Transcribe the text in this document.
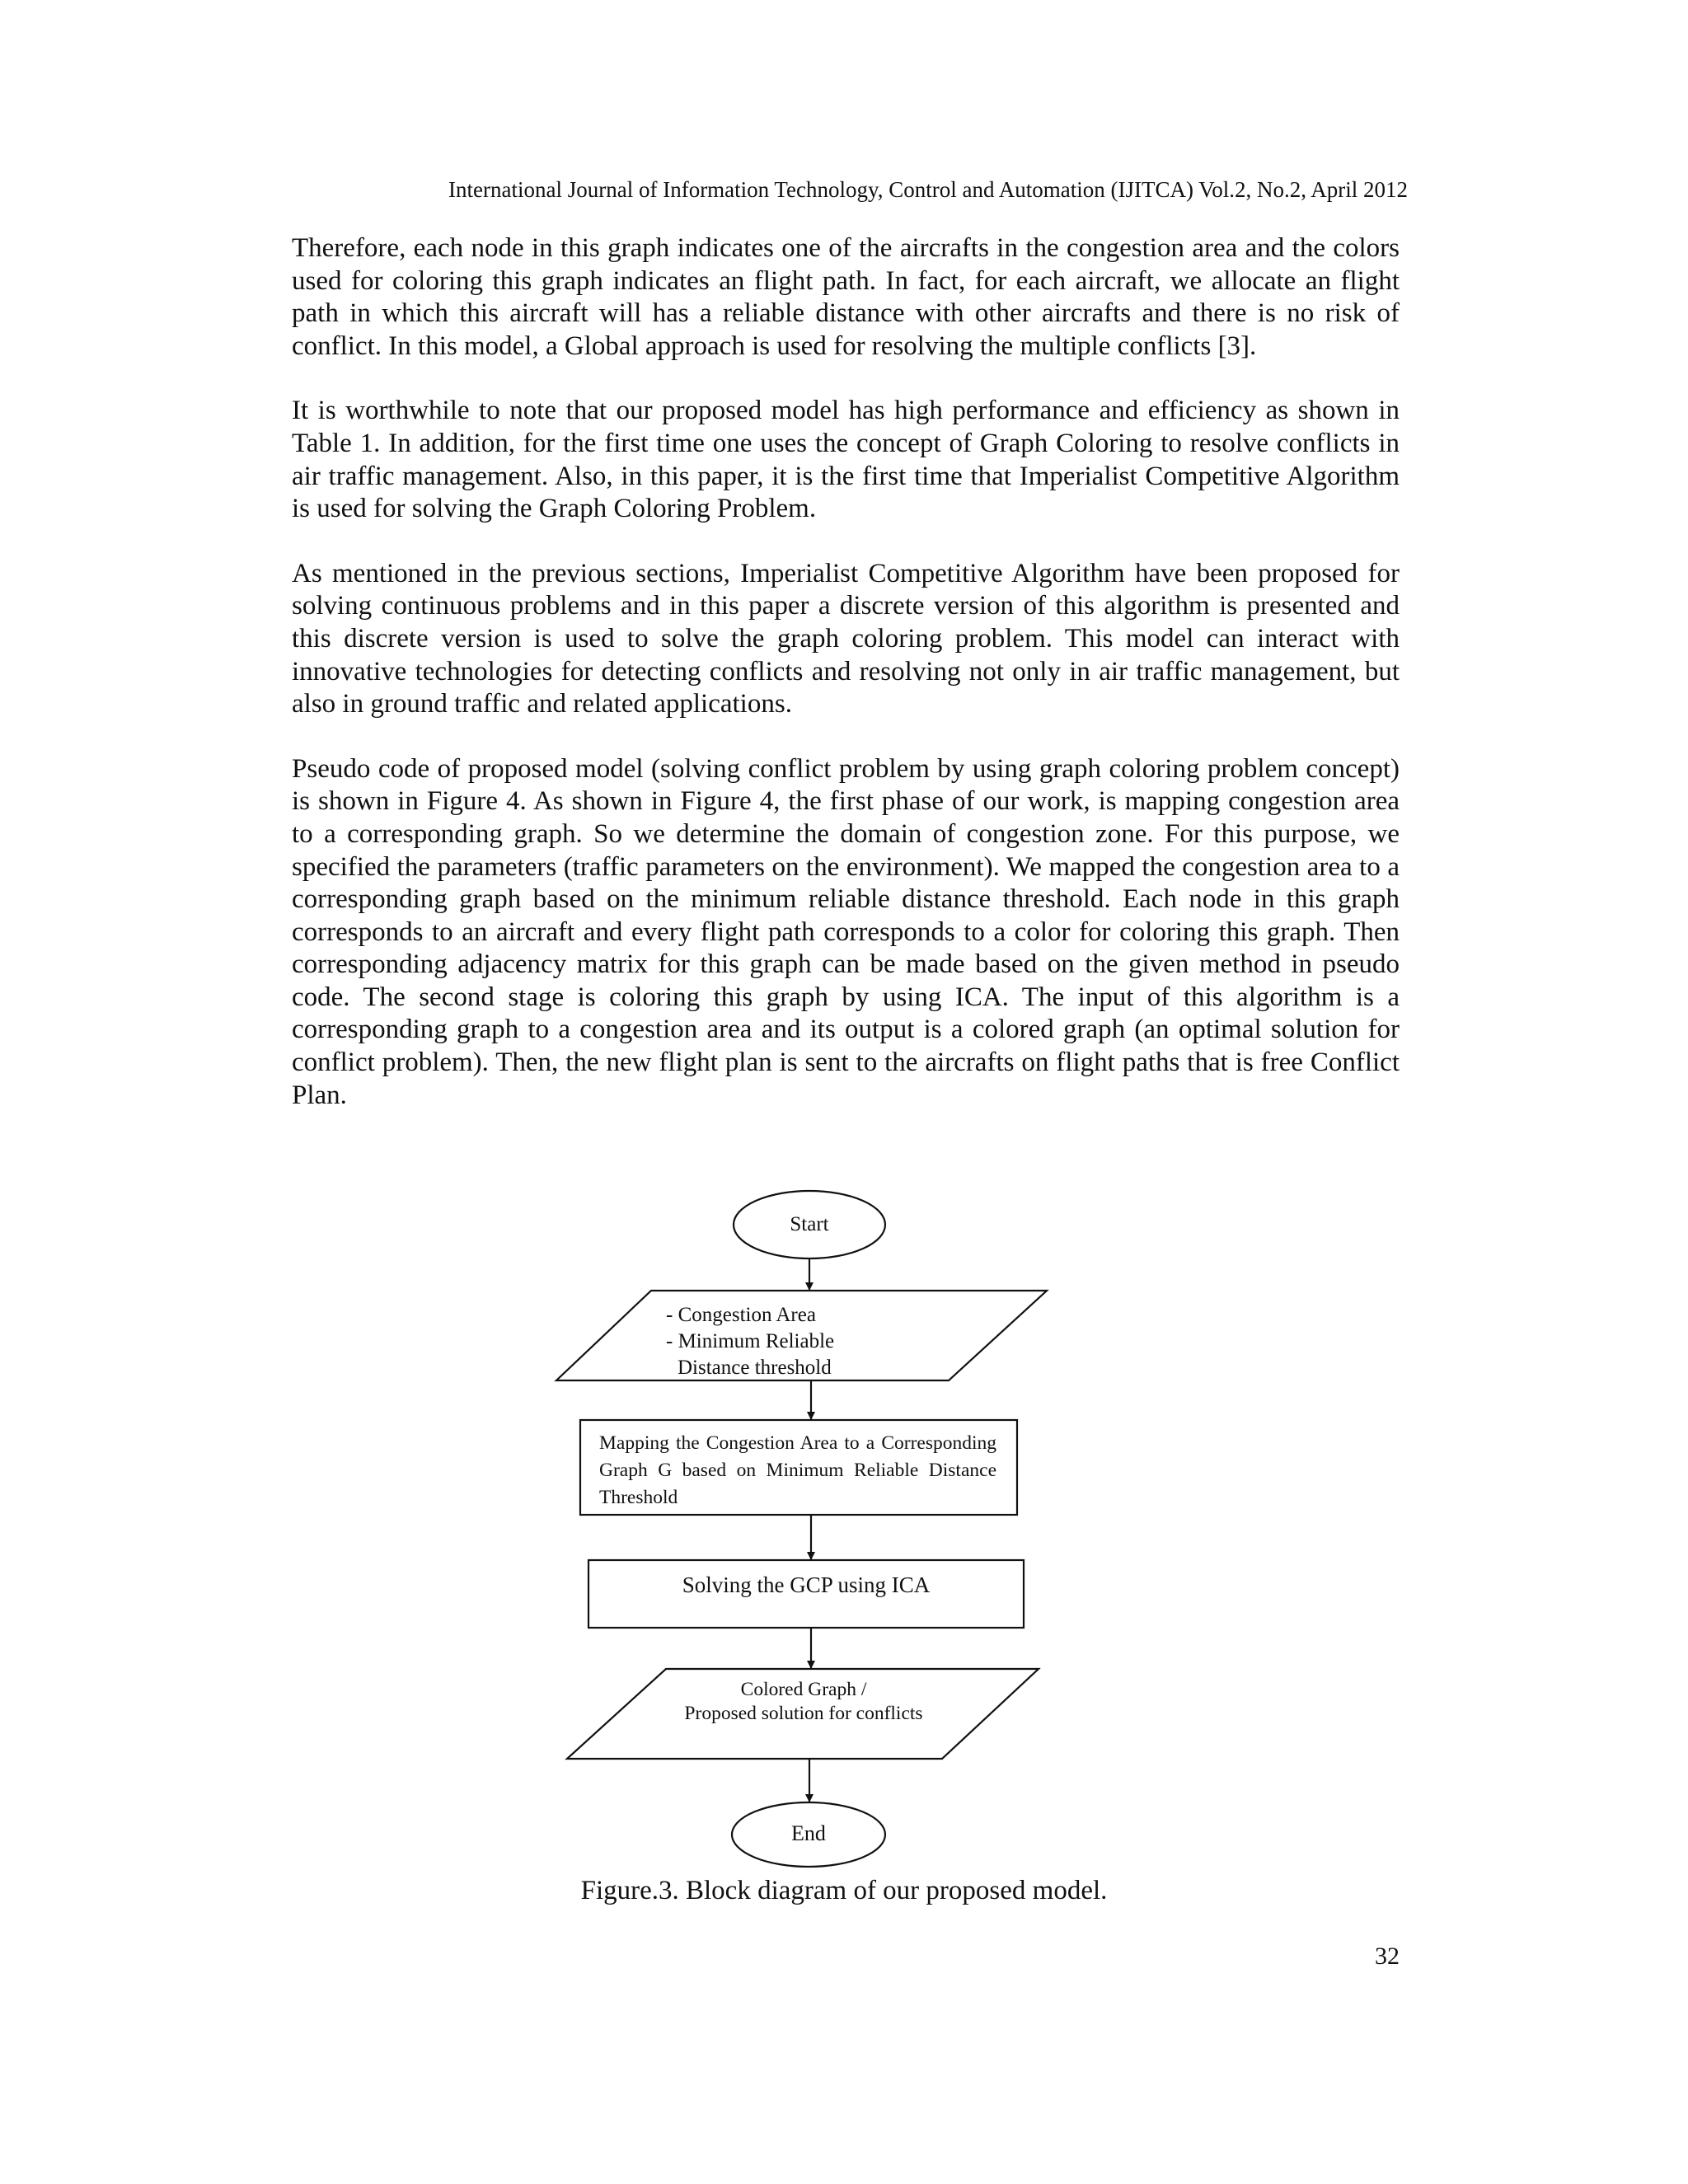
International Journal of Information Technology, Control and Automation (IJITCA) Vol.2, No.2, April 2012

Therefore, each node in this graph indicates one of the aircrafts in the congestion area and the colors used for coloring this graph indicates an flight path. In fact, for each aircraft, we allocate an flight path in which this aircraft will has a reliable distance with other aircrafts and there is no risk of conflict. In this model, a Global approach is used for resolving the multiple conflicts [3].

It is worthwhile to note that our proposed model has high performance and efficiency as shown in Table 1. In addition, for the first time one uses the concept of Graph Coloring to resolve conflicts in air traffic management. Also, in this paper, it is the first time that Imperialist Competitive Algorithm is used for solving the Graph Coloring Problem.

As mentioned in the previous sections, Imperialist Competitive Algorithm have been proposed for solving continuous problems and in this paper a discrete version of this algorithm is presented and this discrete version is used to solve the graph coloring problem. This model can interact with innovative technologies for detecting conflicts and resolving not only in air traffic management, but also in ground traffic and related applications.

Pseudo code of proposed model (solving conflict problem by using graph coloring problem concept) is shown in Figure 4. As shown in Figure 4, the first phase of our work, is mapping congestion area to a corresponding graph. So we determine the domain of congestion zone. For this purpose, we specified the parameters (traffic parameters on the environment). We mapped the congestion area to a corresponding graph based on the minimum reliable distance threshold. Each node in this graph corresponds to an aircraft and every flight path corresponds to a color for coloring this graph. Then corresponding adjacency matrix for this graph can be made based on the given method in pseudo code. The second stage is coloring this graph by using ICA. The input of this algorithm is a corresponding graph to a congestion area and its output is a colored graph (an optimal solution for conflict problem). Then, the new flight plan is sent to the aircrafts on flight paths that is free Conflict Plan.

Start
- Congestion Area
- Minimum Reliable
Distance threshold
Mapping the Congestion Area to a Corresponding Graph G based on Minimum Reliable Distance Threshold
Solving the GCP using ICA
Colored Graph /
Proposed solution for conflicts
End
Figure.3. Block diagram of our proposed model.
32
